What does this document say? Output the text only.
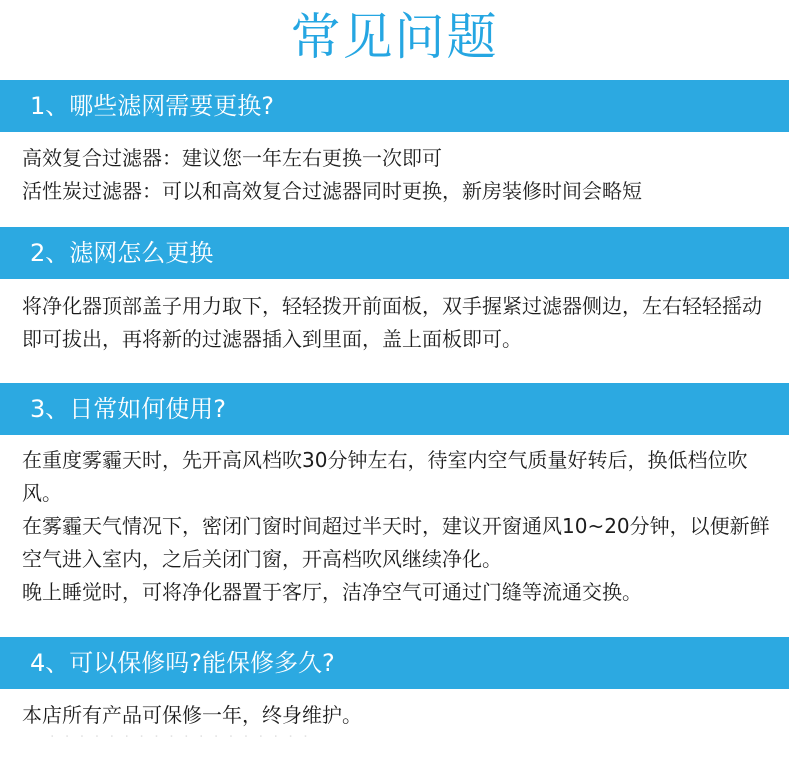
常见问题
1、哪些滤网需要更换?

高效复合过滤器：建议您一年左右更换一次即可

活性炭过滤器：可以和高效复合过滤器同时更换，新房装修时间会略短

2、滤网怎么更换

将净化器顶部盖子用力取下，轻轻拨开前面板，双手握紧过滤器侧边，左右轻轻摇动即可拔出，再将新的过滤器插入到里面，盖上面板即可。

3、日常如何使用?

在重度雾霾天时，先开高风档吹30分钟左右，待室内空气质量好转后，换低档位吹风。

在雾霾天气情况下，密闭门窗时间超过半天时，建议开窗通风10~20分钟，以便新鲜空气进入室内，之后关闭门窗，开高档吹风继续净化。

晚上睡觉时，可将净化器置于客厅，洁净空气可通过门缝等流通交换。

4、可以保修吗?能保修多久?

本店所有产品可保修一年，终身维护。

· · · · · · · · · · · · · · · · · ·
